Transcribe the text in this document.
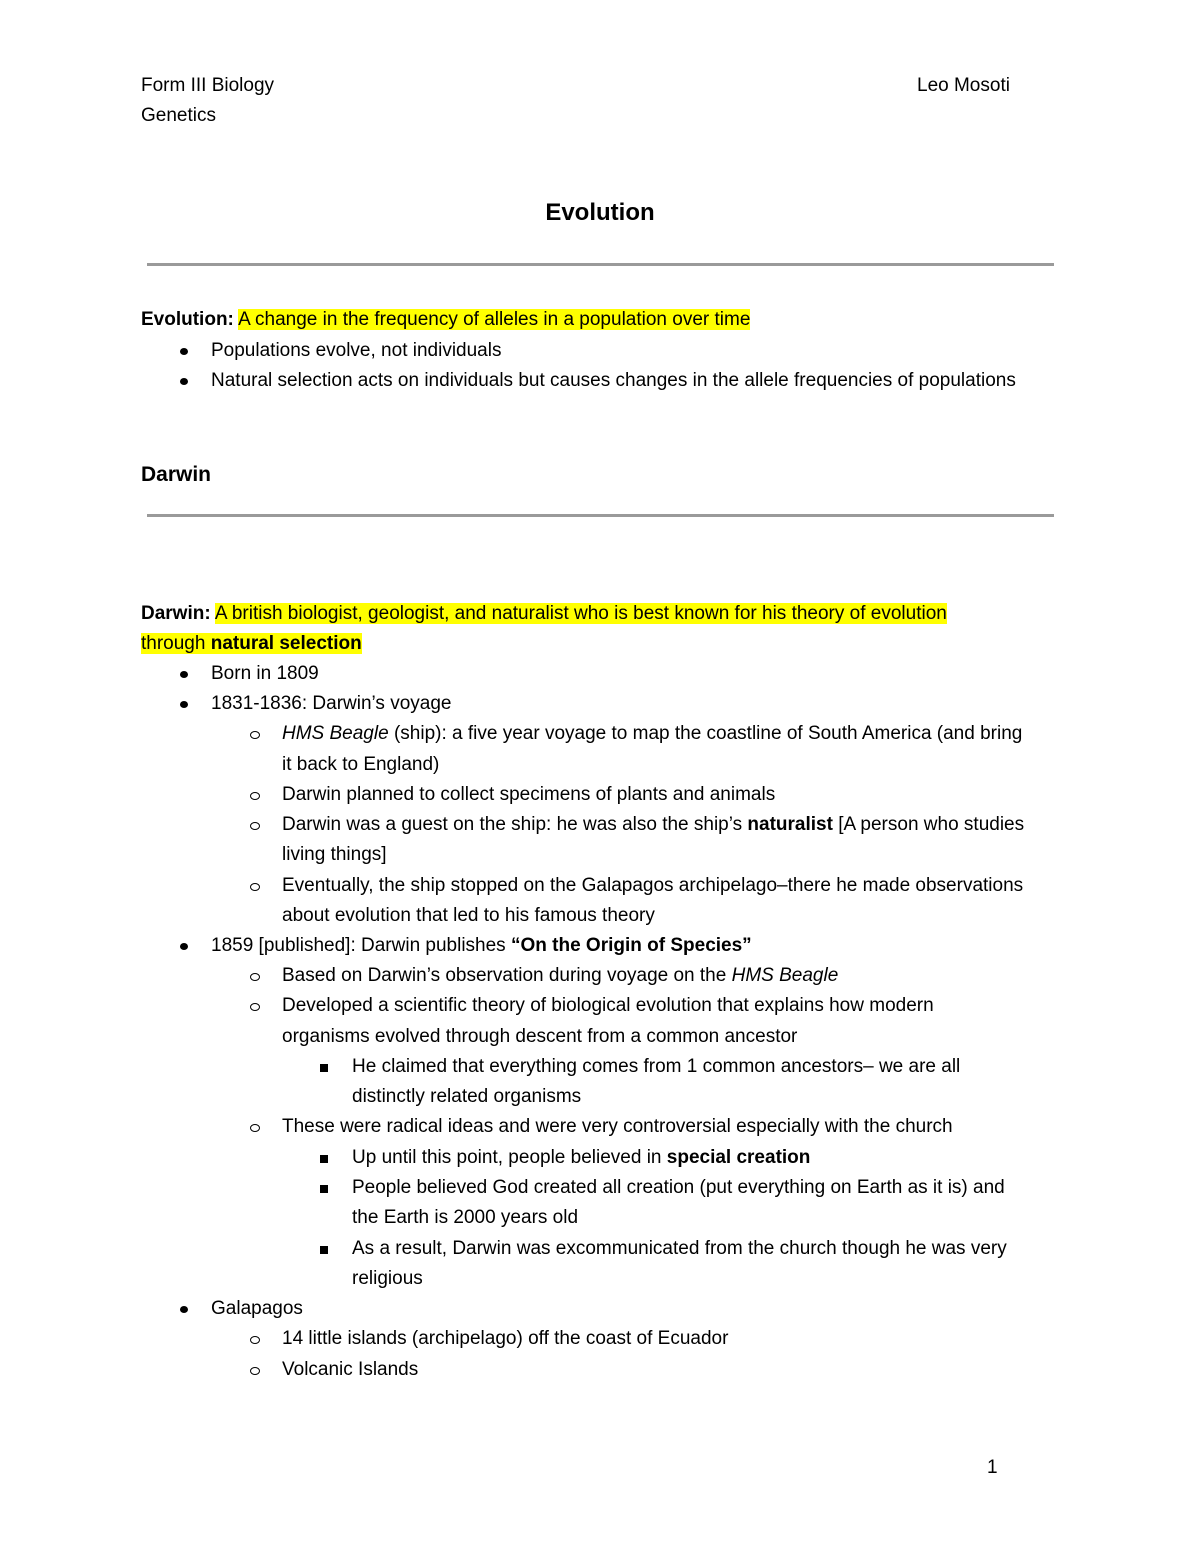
Form III Biology
Genetics
Leo Mosoti
Evolution
Evolution: A change in the frequency of alleles in a population over time
Populations evolve, not individuals
Natural selection acts on individuals but causes changes in the allele frequencies of populations
Darwin
Darwin: A british biologist, geologist, and naturalist who is best known for his theory of evolution
through natural selection
Born in 1809
1831-1836: Darwin’s voyage
HMS Beagle (ship): a five year voyage to map the coastline of South America (and bring
it back to England)
Darwin planned to collect specimens of plants and animals
Darwin was a guest on the ship: he was also the ship’s naturalist [A person who studies
living things]
Eventually, the ship stopped on the Galapagos archipelago–there he made observations
about evolution that led to his famous theory
1859 [published]: Darwin publishes “On the Origin of Species”
Based on Darwin’s observation during voyage on the HMS Beagle
Developed a scientific theory of biological evolution that explains how modern
organisms evolved through descent from a common ancestor
He claimed that everything comes from 1 common ancestors– we are all
distinctly related organisms
These were radical ideas and were very controversial especially with the church
Up until this point, people believed in special creation
People believed God created all creation (put everything on Earth as it is) and
the Earth is 2000 years old
As a result, Darwin was excommunicated from the church though he was very
religious
Galapagos
14 little islands (archipelago) off the coast of Ecuador
Volcanic Islands
1
